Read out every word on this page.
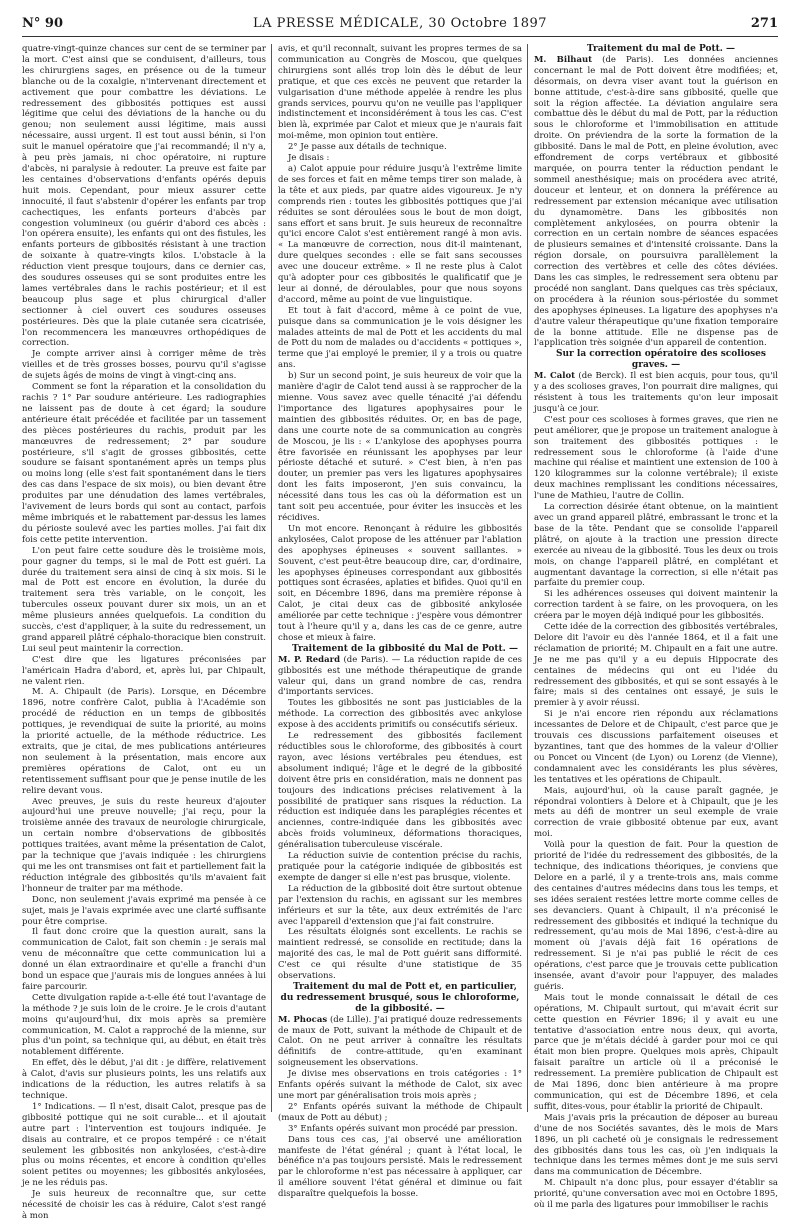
N° 90	LA PRESSE MÉDICALE, 30 Octobre 1897	271

quatre-vingt-quinze chances sur cent de se terminer par la mort. C'est ainsi que se conduisent, d'ailleurs, tous les chirurgiens sages, en présence ou de la tumeur blanche ou de la coxalgie, n'intervenant directement et activement que pour combattre les déviations. Le redressement des gibbosités pottiques est aussi légitime que celui des déviations de la hanche ou du genou; non seulement aussi légitime, mais aussi nécessaire, aussi urgent. Il est tout aussi bénin, si l'on suit le manuel opératoire que j'ai recommandé; il n'y a, à peu près jamais, ni choc opératoire, ni rupture d'abcès, ni paralysie à redouter. La preuve est faite par les centaines d'observations d'enfants opérés depuis huit mois. Cependant, pour mieux assurer cette innocuité, il faut s'abstenir d'opérer les enfants par trop cachectiques, les enfants porteurs d'abcès par congestion volumineux (ou guérir d'abord ces abcès : l'on opérera ensuite), les enfants qui ont des fistules, les enfants porteurs de gibbosités résistant à une traction de soixante à quatre-vingts kilos. L'obstacle à la réduction vient presque toujours, dans ce dernier cas, des soudures osseuses qui se sont produites entre les lames vertébrales dans le rachis postérieur; et il est beaucoup plus sage et plus chirurgical d'aller sectionner à ciel ouvert ces soudures osseuses postérieures. Dès que la plaie cutanée sera cicatrisée, l'on recommencera les manœuvres orthopédiques de correction.

Je compte arriver ainsi à corriger même de très vieilles et de très grosses bosses, pourvu qu'il s'agisse de sujets âgés de moins de vingt à vingt-cinq ans.

Comment se font la réparation et la consolidation du rachis ? 1° Par soudure antérieure. Les radiographies ne laissent pas de doute à cet égard; la soudure antérieure était précédée et facilitée par un tassement des pièces postérieures du rachis, produit par les manœuvres de redressement; 2° par soudure postérieure, s'il s'agit de grosses gibbosités, cette soudure se faisant spontanément après un temps plus ou moins long (elle s'est fait spontanément dans le tiers des cas dans l'espace de six mois), ou bien devant être produites par une dénudation des lames vertébrales, l'avivement de leurs bords qui sont au contact, parfois même imbriqués et le rabattement par-dessus les lames du périoste soulevé avec les parties molles. J'ai fait dix fois cette petite intervention.

L'on peut faire cette soudure dès le troisième mois, pour gagner du temps, si le mal de Pott est guéri. La durée du traitement sera ainsi de cinq à six mois. Si le mal de Pott est encore en évolution, la durée du traitement sera très variable, on le conçoit, les tubercules osseux pouvant durer six mois, un an et même plusieurs années quelquefois. La condition du succès, c'est d'appliquer, à la suite du redressement, un grand appareil plâtré céphalo-thoracique bien construit. Lui seul peut maintenir la correction.

C'est dire que les ligatures préconisées par l'américain Hadra d'abord, et, après lui, par Chipault, ne valent rien.

M. A. Chipault (de Paris). Lorsque, en Décembre 1896, notre confrère Calot, publia à l'Académie son procédé de réduction en un temps de gibbosités pottiques, je revendiquai de suite la priorité, au moins la priorité actuelle, de la méthode réductrice. Les extraits, que je citai, de mes publications antérieures non seulement à la présentation, mais encore aux premières opérations de Calot, ont eu un retentissement suffisant pour que je pense inutile de les relire devant vous.

Avec preuves, je suis du reste heureux d'ajouter aujourd'hui une preuve nouvelle; j'ai reçu, pour la troisième année des travaux de neurologie chirurgicale, un certain nombre d'observations de gibbosités pottiques traitées, avant même la présentation de Calot, par la technique que j'avais indiquée : les chirurgiens qui me les ont transmises ont fait et partiellement fait la réduction intégrale des gibbosités qu'ils m'avaient fait l'honneur de traiter par ma méthode.

Donc, non seulement j'avais exprimé ma pensée à ce sujet, mais je l'avais exprimée avec une clarté suffisante pour être comprise.

Il faut donc croire que la question aurait, sans la communication de Calot, fait son chemin : je serais mal venu de méconnaître que cette communication lui a donné un élan extraordinaire et qu'elle a franchi d'un bond un espace que j'aurais mis de longues années à lui faire parcourir.

Cette divulgation rapide a-t-elle été tout l'avantage de la méthode ? je suis loin de le croire. Je le crois d'autant moins qu'aujourd'hui, dix mois après sa première communication, M. Calot a rapproché de la mienne, sur plus d'un point, sa technique qui, au début, en était très notablement différente.

En effet, dès le début, j'ai dit : je diffère, relativement à Calot, d'avis sur plusieurs points, les uns relatifs aux indications de la réduction, les autres relatifs à sa technique.

1° Indications. — Il n'est, disait Calot, presque pas de gibbosité pottique qui ne soit curable... et il ajoutait autre part : l'intervention est toujours indiquée. Je disais au contraire, et ce propos tempéré : ce n'était seulement les gibbosités non ankylosées, c'est-à-dire plus ou moins récentes, et encore à condition qu'elles soient petites ou moyennes; les gibbosités ankylosées, je ne les réduis pas.

Je suis heureux de reconnaître que, sur cette nécessité de choisir les cas à réduire, Calot s'est rangé à mon

avis, et qu'il reconnaît, suivant les propres termes de sa communication au Congrès de Moscou, que quelques chirurgiens sont allés trop loin dès le début de leur pratique, et que ces excès ne peuvent que retarder la vulgarisation d'une méthode appelée à rendre les plus grands services, pourvu qu'on ne veuille pas l'appliquer indistinctement et inconsidérément à tous les cas. C'est bien là, exprimée par Calot et mieux que je n'aurais fait moi-même, mon opinion tout entière.

2° Je passe aux détails de technique.

Je disais :

a) Calot appuie pour réduire jusqu'à l'extrême limite de ses forces et fait en même temps tirer son malade, à la tête et aux pieds, par quatre aides vigoureux. Je n'y comprends rien : toutes les gibbosités pottiques que j'ai réduites se sont déroulées sous le bout de mon doigt, sans effort et sans bruit. Je suis heureux de reconnaître qu'ici encore Calot s'est entièrement rangé à mon avis. « La manœuvre de correction, nous dit-il maintenant, dure quelques secondes : elle se fait sans secousses avec une douceur extrême. » Il ne reste plus à Calot qu'à adopter pour ces gibbosités le qualificatif que je leur ai donné, de déroulables, pour que nous soyons d'accord, même au point de vue linguistique.

Et tout à fait d'accord, même à ce point de vue, puisque dans sa communication je le vois désigner les malades atteints de mal de Pott et les accidents du mal de Pott du nom de malades ou d'accidents « pottiques », terme que j'ai employé le premier, il y a trois ou quatre ans.

b) Sur un second point, je suis heureux de voir que la manière d'agir de Calot tend aussi à se rapprocher de la mienne. Vous savez avec quelle ténacité j'ai défendu l'importance des ligatures apophysaires pour le maintien des gibbosités réduites. Or, en bas de page, dans une courte note de sa communication au congrès de Moscou, je lis : « L'ankylose des apophyses pourra être favorisée en réunissant les apophyses par leur périoste détaché et suturé. » C'est bien, à n'en pas douter, un premier pas vers les ligatures apophysaires dont les faits imposeront, j'en suis convaincu, la nécessité dans tous les cas où la déformation est un tant soit peu accentuée, pour éviter les insuccès et les récidives.

Un mot encore. Renonçant à réduire les gibbosités ankylosées, Calot propose de les atténuer par l'ablation des apophyses épineuses « souvent saillantes. » Souvent, c'est peut-être beaucoup dire, car, d'ordinaire, les apophyses épineuses correspondant aux gibbosités pottiques sont écrasées, aplaties et bifides. Quoi qu'il en soit, en Décembre 1896, dans ma première réponse à Calot, je citai deux cas de gibbosité ankylosée améliorée par cette technique : j'espère vous démontrer tout à l'heure qu'il y a, dans les cas de ce genre, autre chose et mieux à faire.

Traitement de la gibbosité du Mal de Pott. —

M. P. Redard (de Paris). — La réduction rapide de ces gibbosités est une méthode thérapeutique de grande valeur qui, dans un grand nombre de cas, rendra d'importants services.

Toutes les gibbosités ne sont pas justiciables de la méthode. La correction des gibbosités avec ankylose expose à des accidents primitifs ou consécutifs sérieux.

Le redressement des gibbosités facilement réductibles sous le chloroforme, des gibbosités à court rayon, avec lésions vertébrales peu étendues, est absolument indiqué; l'âge et le degré de la gibbosité doivent être pris en considération, mais ne donnent pas toujours des indications précises relativement à la possibilité de pratiquer sans risques la réduction. La réduction est indiquée dans les paraplégies récentes et anciennes, contre-indiquée dans les gibbosités avec abcès froids volumineux, déformations thoraciques, généralisation tuberculeuse viscérale.

La réduction suivie de contention précise du rachis, pratiquée pour la catégorie indiquée de gibbosités est exempte de danger si elle n'est pas brusque, violente.

La réduction de la gibbosité doit être surtout obtenue par l'extension du rachis, en agissant sur les membres inférieurs et sur la tête, aux deux extrémités de l'arc avec l'appareil d'extension que j'ai fait construire.

Les résultats éloignés sont excellents. Le rachis se maintient redressé, se consolide en rectitude; dans la majorité des cas, le mal de Pott guérit sans difformité. C'est ce qui résulte d'une statistique de 35 observations.

Traitement du mal de Pott et, en particulier, du redressement brusqué, sous le chloroforme, de la gibbosité. —

M. Phocas (de Lille). J'ai pratiqué douze redressements de maux de Pott, suivant la méthode de Chipault et de Calot. On ne peut arriver à connaître les résultats définitifs de contre-attitude, qu'en examinant soigneusement les observations.

Je divise mes observations en trois catégories : 1° Enfants opérés suivant la méthode de Calot, six avec une mort par généralisation trois mois après ;

2° Enfants opérés suivant la méthode de Chipault (maux de Pott au début) ;

3° Enfants opérés suivant mon procédé par pression.

Dans tous ces cas, j'ai observé une amélioration manifeste de l'état général ; quant à l'état local, le bénéfice n'a pas toujours persisté. Mais le redressement par le chloroforme n'est pas nécessaire à appliquer, car il améliore souvent l'état général et diminue ou fait disparaître quelquefois la bosse.

Traitement du mal de Pott. —

M. Bilhaut (de Paris). Les données anciennes concernant le mal de Pott doivent être modifiées; et, désormais, on devra viser avant tout la guérison en bonne attitude, c'est-à-dire sans gibbosité, quelle que soit la région affectée. La déviation angulaire sera combattue dès le début du mal de Pott, par la réduction sous le chloroforme et l'immobilisation en attitude droite. On préviendra de la sorte la formation de la gibbosité. Dans le mal de Pott, en pleine évolution, avec effondrement de corps vertébraux et gibbosité marquée, on pourra tenter la réduction pendant le sommeil anesthésique; mais on procédera avec atrité, douceur et lenteur, et on donnera la préférence au redressement par extension mécanique avec utilisation du dynamomètre. Dans les gibbosités non complètement ankylosées, on pourra obtenir la correction en un certain nombre de séances espacées de plusieurs semaines et d'intensité croissante. Dans la région dorsale, on poursuivra parallèlement la correction des vertèbres et celle des côtes déviées. Dans les cas simples, le redressement sera obtenu par procédé non sanglant. Dans quelques cas très spéciaux, on procédera à la réunion sous-périostée du sommet des apophyses épineuses. La ligature des apophyses n'a d'autre valeur thérapeutique qu'une fixation temporaire de la bonne attitude. Elle ne dispense pas de l'application très soignée d'un appareil de contention.

Sur la correction opératoire des scolioses graves. —

M. Calot (de Berck). Il est bien acquis, pour tous, qu'il y a des scolioses graves, l'on pourrait dire malignes, qui résistent à tous les traitements qu'on leur imposait jusqu'à ce jour.

C'est pour ces scolioses à formes graves, que rien ne peut améliorer, que je propose un traitement analogue à son traitement des gibbosités pottiques : le redressement sous le chloroforme (à l'aide d'une machine qui réalise et maintient une extension de 100 à 120 kilogrammes sur la colonne vertébrale); il existe deux machines remplissant les conditions nécessaires, l'une de Mathieu, l'autre de Collin.

La correction désirée étant obtenue, on la maintient avec un grand appareil plâtré, embrassant le tronc et la base de la tête. Pendant que se consolide l'appareil plâtré, on ajoute à la traction une pression directe exercée au niveau de la gibbosité. Tous les deux ou trois mois, on change l'appareil plâtré, en complétant et augmentant davantage la correction, si elle n'était pas parfaite du premier coup.

Si les adhérences osseuses qui doivent maintenir la correction tardent à se faire, on les provoquera, on les créera par le moyen déjà indiqué pour les gibbosités.

Cette idée de la correction des gibbosités vertébrales, Delore dit l'avoir eu dès l'année 1864, et il a fait une réclamation de priorité; M. Chipault en a fait une autre. Je ne me pas qu'il y a eu depuis Hippocrate des centaines de médecins qui ont eu l'idée du redressement des gibbosités, et qui se sont essayés à le faire; mais si des centaines ont essayé, je suis le premier à y avoir réussi.

Si je n'ai encore rien répondu aux réclamations incessantes de Delore et de Chipault, c'est parce que je trouvais ces discussions parfaitement oiseuses et byzantines, tant que des hommes de la valeur d'Ollier ou Poncet ou Vincent (de Lyon) ou Lorenz (de Vienne), condamnaient avec les considérants les plus sévères, les tentatives et les opérations de Chipault.

Mais, aujourd'hui, où la cause paraît gagnée, je répondrai volontiers à Delore et à Chipault, que je les mets au défi de montrer un seul exemple de vraie correction de vraie gibbosité obtenue par eux, avant moi.

Voilà pour la question de fait. Pour la question de priorité de l'idée du redressement des gibbosités, de la technique, des indications théoriques, je conviens que Delore en a parlé, il y a trente-trois ans, mais comme des centaines d'autres médecins dans tous les temps, et ses idées seraient restées lettre morte comme celles de ses devanciers. Quant à Chipault, il n'a préconisé le redressement des gibbosités et indiqué la technique du redressement, qu'au mois de Mai 1896, c'est-à-dire au moment où j'avais déjà fait 16 opérations de redressement. Si je n'ai pas publié le récit de ces opérations, c'est parce que je trouvais cette publication insensée, avant d'avoir pour l'appuyer, des malades guéris.

Mais tout le monde connaissait le détail de ces opérations, M. Chipault surtout, qui m'avait écrit sur cette question en Février 1896; il y avait eu une tentative d'association entre nous deux, qui avorta, parce que je m'étais décidé à garder pour moi ce qui était mon bien propre. Quelques mois après, Chipault faisait paraître un article où il a préconisé le redressement. La première publication de Chipault est de Mai 1896, donc bien antérieure à ma propre communication, qui est de Décembre 1896, et cela suffit, dites-vous, pour établir la priorité de Chipault.

Mais j'avais pris la précaution de déposer au bureau d'une de nos Sociétés savantes, dès le mois de Mars 1896, un pli cacheté où je consignais le redressement des gibbosités dans tous les cas, où j'en indiquais la technique dans les termes mêmes dont je me suis servi dans ma communication de Décembre.

M. Chipault n'a donc plus, pour essayer d'établir sa priorité, qu'une conversation avec moi en Octobre 1895, où il me parla des ligatures pour immobiliser le rachis
